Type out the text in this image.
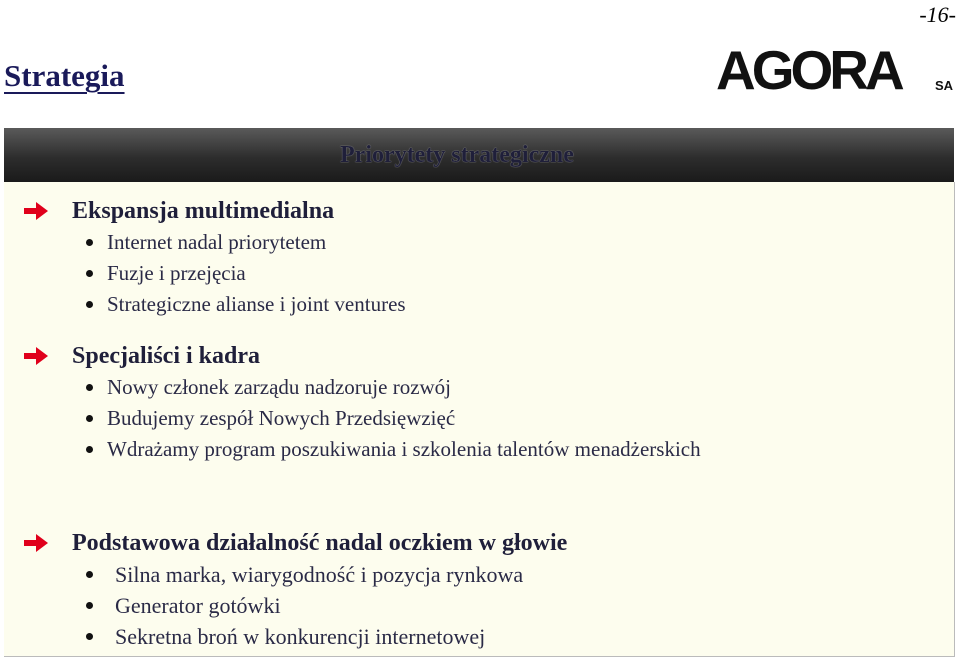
-16-
Strategia	AGORA	SA
Priorytety strategiczne
Ekspansja multimedialna
Internet nadal priorytetem
Fuzje i przejęcia
Strategiczne alianse i joint ventures
Specjaliści i kadra
Nowy członek zarządu nadzoruje rozwój
Budujemy zespół Nowych Przedsięwzięć
Wdrażamy program poszukiwania i szkolenia talentów menadżerskich
Podstawowa działalność nadal oczkiem w głowie
Silna marka, wiarygodność i pozycja rynkowa
Generator gotówki
Sekretna broń w konkurencji internetowej
